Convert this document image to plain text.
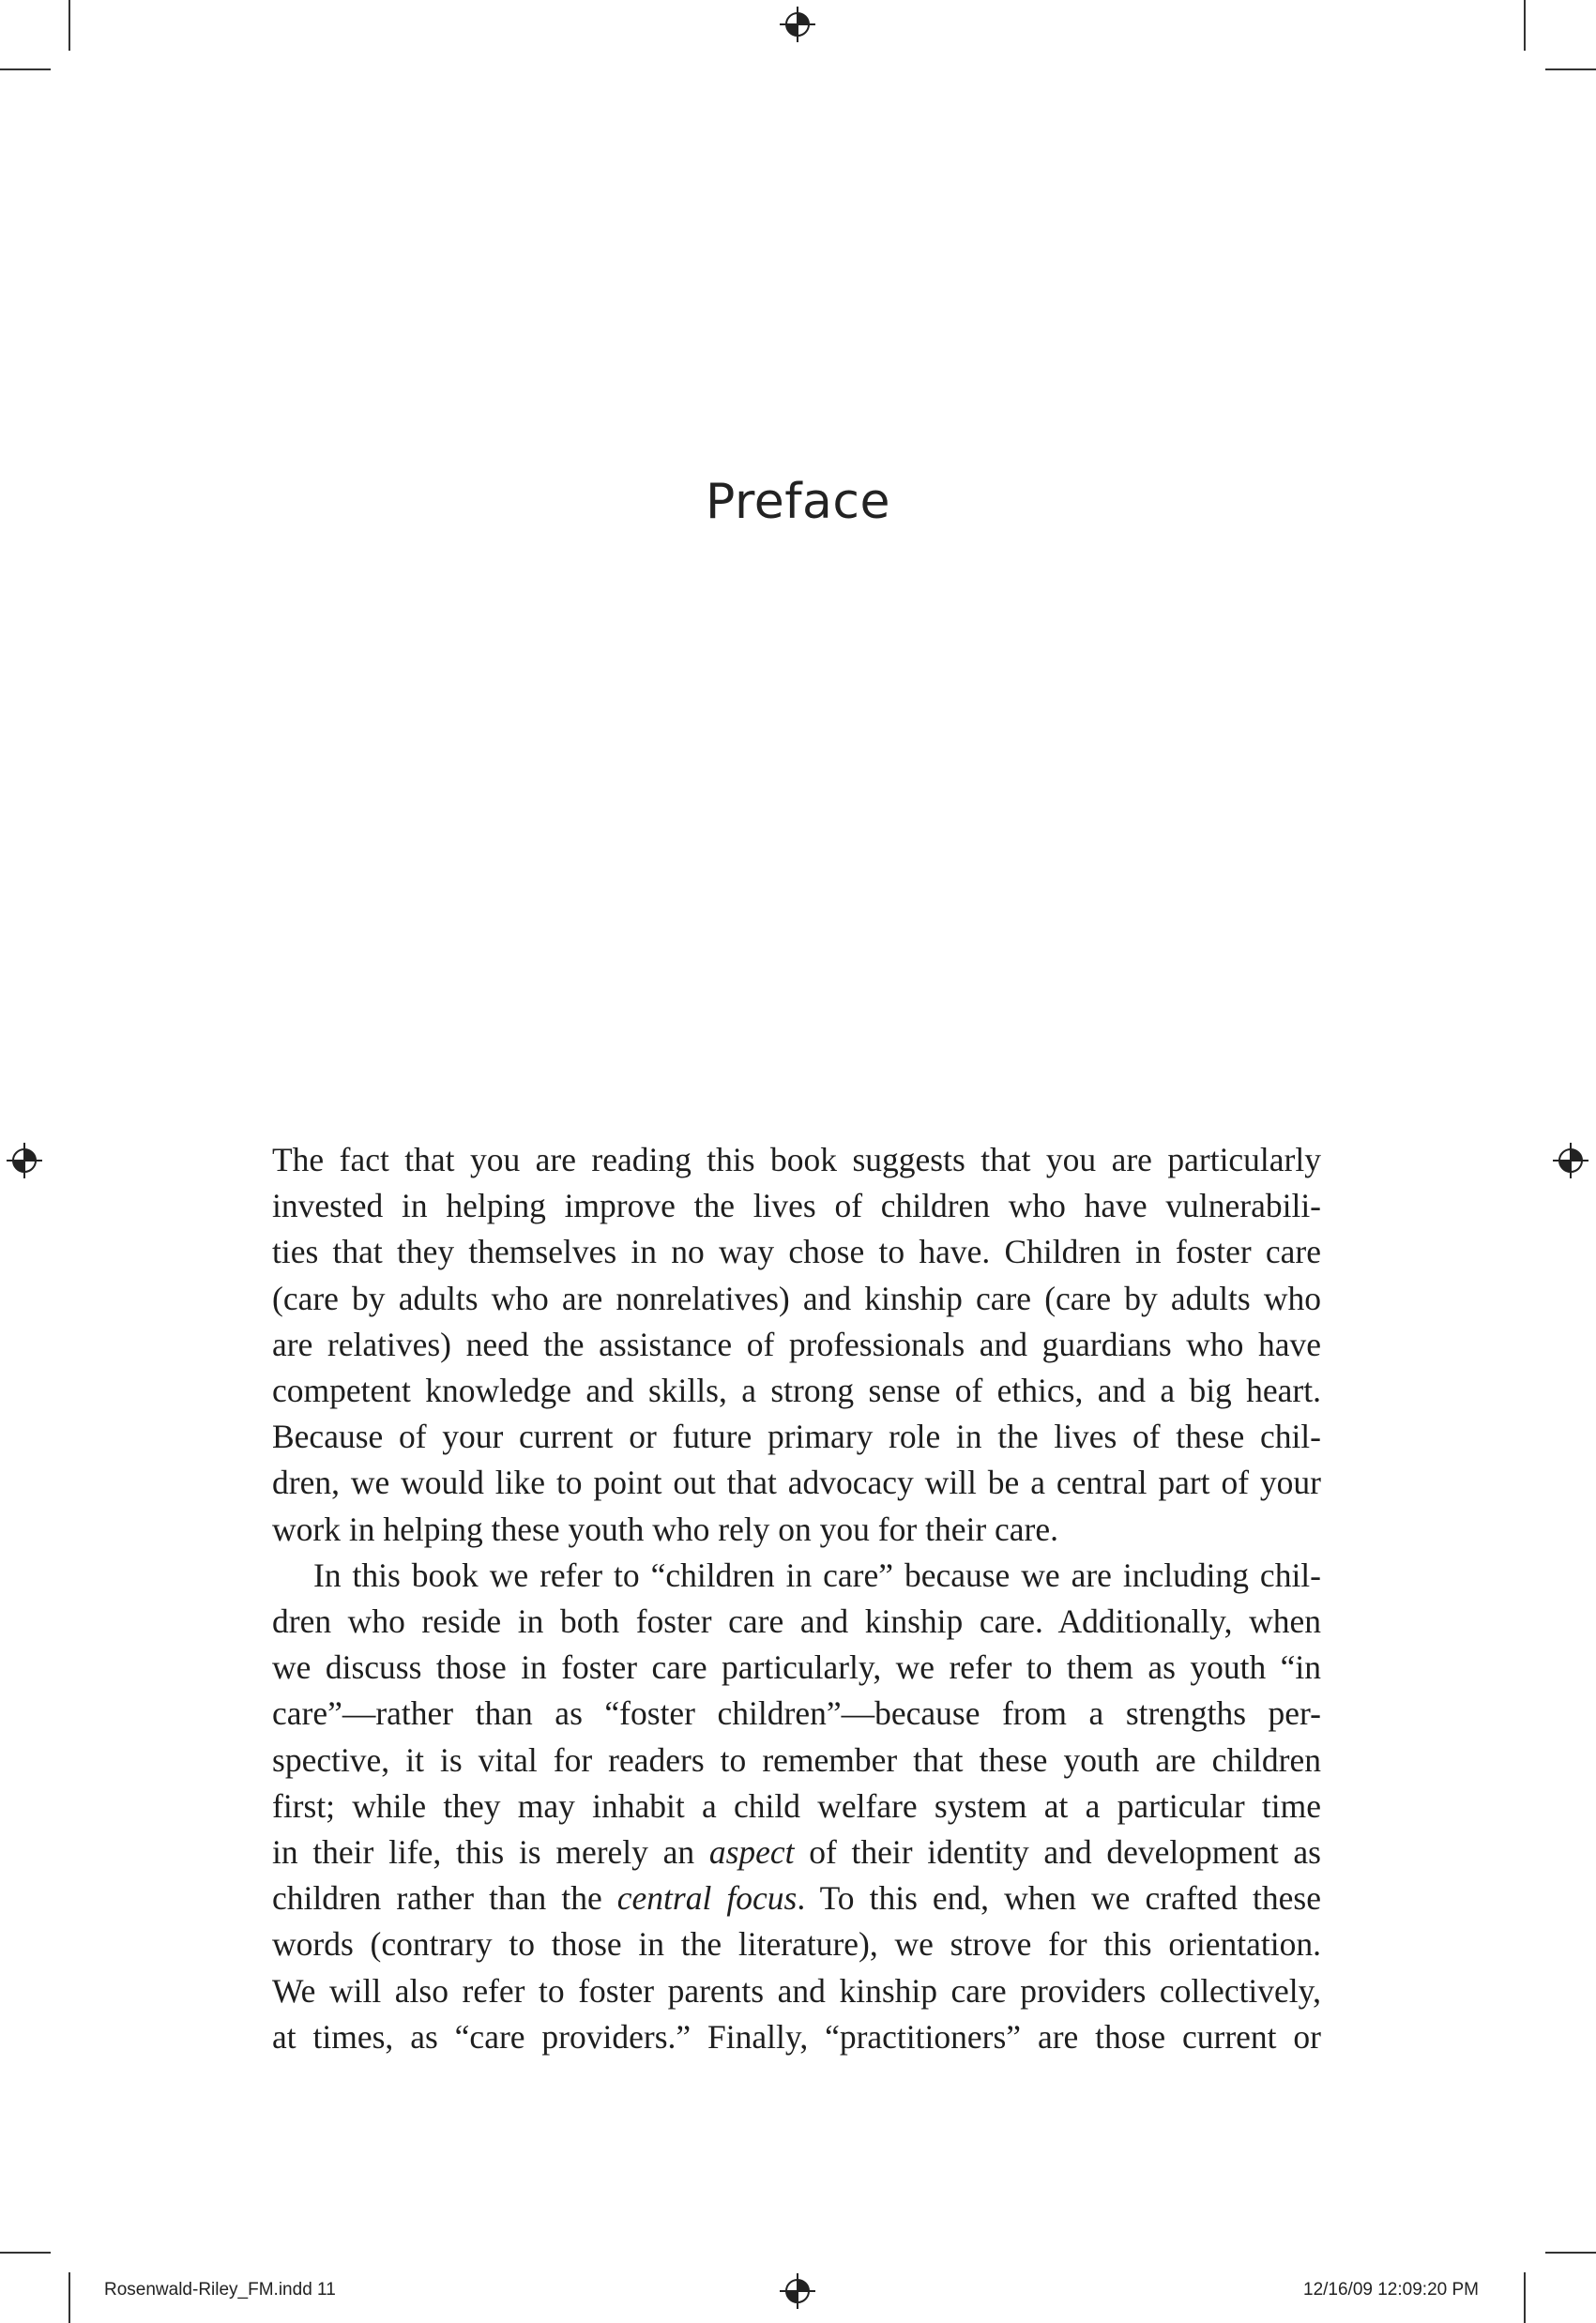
Preface

The fact that you are reading this book suggests that you are particularly
invested in helping improve the lives of children who have vulnerabili-
ties that they themselves in no way chose to have. Children in foster care
(care by adults who are nonrelatives) and kinship care (care by adults who
are relatives) need the assistance of professionals and guardians who have
competent knowledge and skills, a strong sense of ethics, and a big heart.
Because of your current or future primary role in the lives of these chil-
dren, we would like to point out that advocacy will be a central part of your
work in helping these youth who rely on you for their care.

In this book we refer to “children in care” because we are including chil-
dren who reside in both foster care and kinship care. Additionally, when
we discuss those in foster care particularly, we refer to them as youth “in
care”—rather than as “foster children”—because from a strengths per-
spective, it is vital for readers to remember that these youth are children
first; while they may inhabit a child welfare system at a particular time
in their life, this is merely an aspect of their identity and development as
children rather than the central focus. To this end, when we crafted these
words (contrary to those in the literature), we strove for this orientation.
We will also refer to foster parents and kinship care providers collectively,
at times, as “care providers.” Finally, “practitioners” are those current or

Rosenwald-Riley_FM.indd 11	12/16/09 12:09:20 PM
